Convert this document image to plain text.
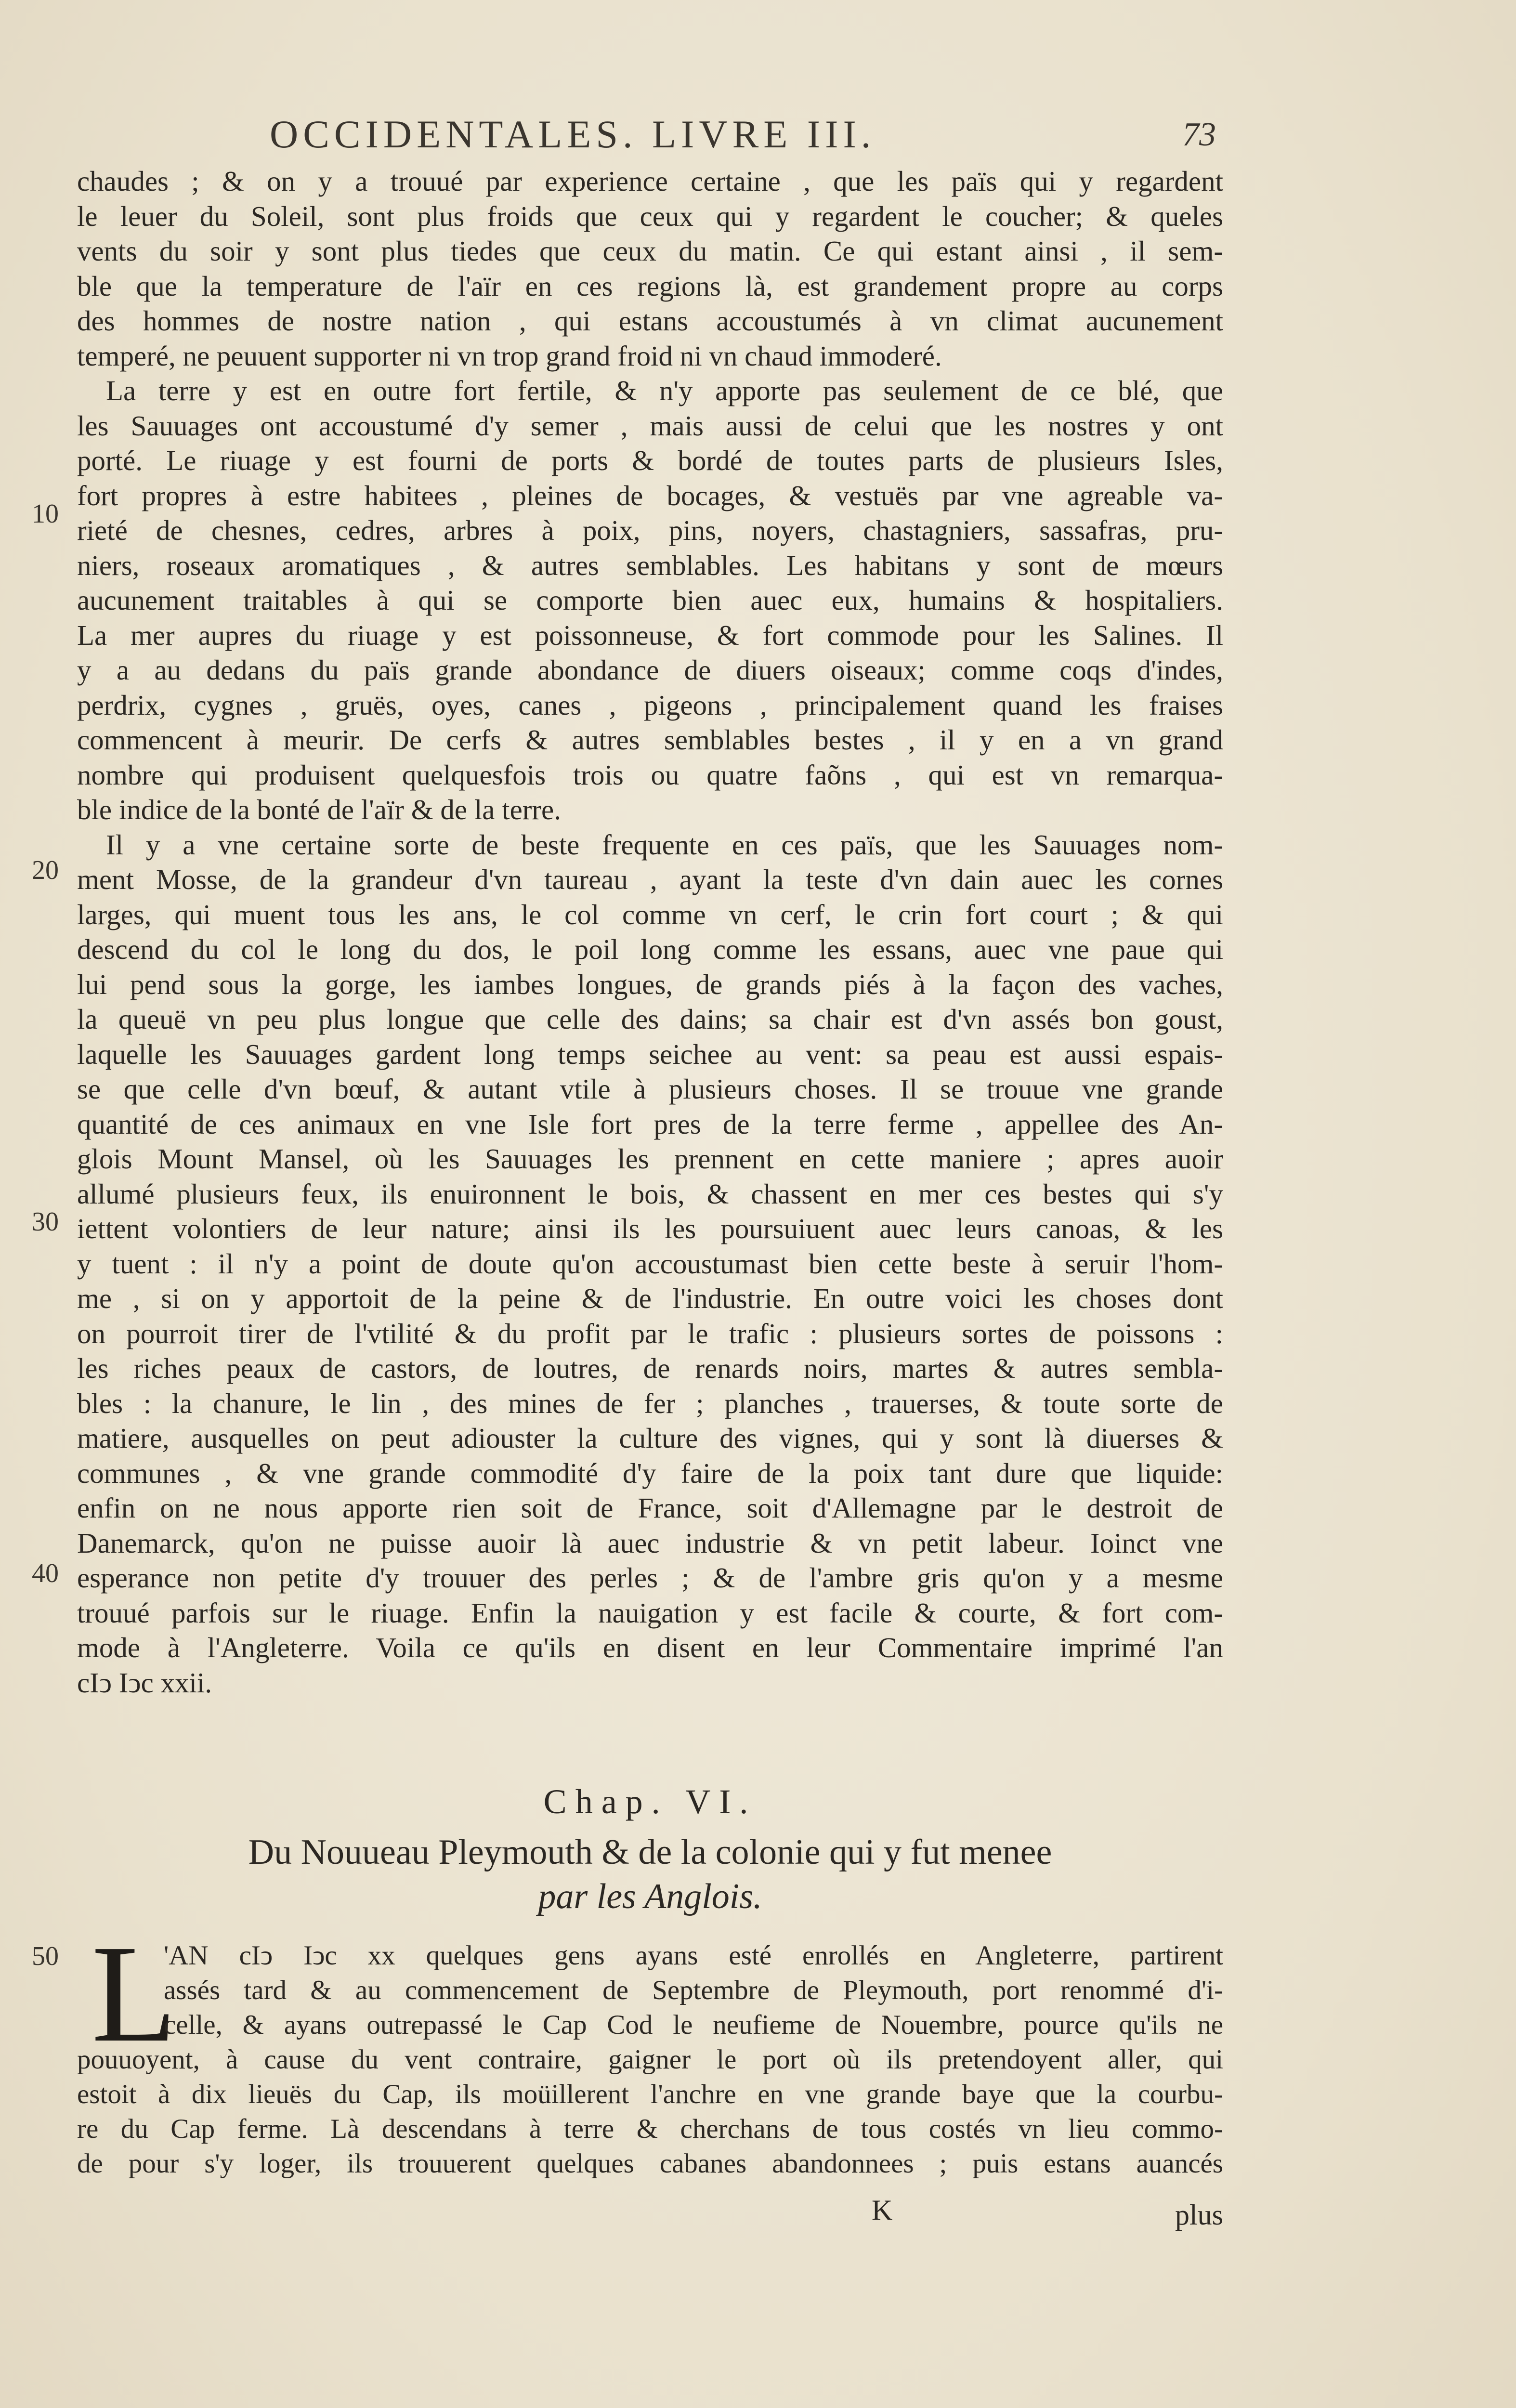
OCCIDENTALES. LIVRE III.	73
10
20
30
40
50
chaudes ; & on y a trouué par experience certaine , que les païs qui y regardent
le leuer du Soleil, sont plus froids que ceux qui y regardent le coucher; & queles
vents du soir y sont plus tiedes que ceux du matin. Ce qui estant ainsi , il sem-
ble que la temperature de l'aïr en ces regions là, est grandement propre au corps
des hommes de nostre nation , qui estans accoustumés à vn climat aucunement
temperé, ne peuuent supporter ni vn trop grand froid ni vn chaud immoderé.
La terre y est en outre fort fertile, & n'y apporte pas seulement de ce blé, que
les Sauuages ont accoustumé d'y semer , mais aussi de celui que les nostres y ont
porté. Le riuage y est fourni de ports & bordé de toutes parts de plusieurs Isles,
fort propres à estre habitees , pleines de bocages, & vestuës par vne agreable va-
rieté de chesnes, cedres, arbres à poix, pins, noyers, chastagniers, sassafras, pru-
niers, roseaux aromatiques , & autres semblables. Les habitans y sont de mœurs
aucunement traitables à qui se comporte bien auec eux, humains & hospitaliers.
La mer aupres du riuage y est poissonneuse, & fort commode pour les Salines. Il
y a au dedans du païs grande abondance de diuers oiseaux; comme coqs d'indes,
perdrix, cygnes , gruës, oyes, canes , pigeons , principalement quand les fraises
commencent à meurir. De cerfs & autres semblables bestes , il y en a vn grand
nombre qui produisent quelquesfois trois ou quatre faõns , qui est vn remarqua-
ble indice de la bonté de l'aïr & de la terre.
Il y a vne certaine sorte de beste frequente en ces païs, que les Sauuages nom-
ment Mosse, de la grandeur d'vn taureau , ayant la teste d'vn dain auec les cornes
larges, qui muent tous les ans, le col comme vn cerf, le crin fort court ; & qui
descend du col le long du dos, le poil long comme les essans, auec vne paue qui
lui pend sous la gorge, les iambes longues, de grands piés à la façon des vaches,
la queuë vn peu plus longue que celle des dains; sa chair est d'vn assés bon goust,
laquelle les Sauuages gardent long temps seichee au vent: sa peau est aussi espais-
se que celle d'vn bœuf, & autant vtile à plusieurs choses. Il se trouue vne grande
quantité de ces animaux en vne Isle fort pres de la terre ferme , appellee des An-
glois Mount Mansel, où les Sauuages les prennent en cette maniere ; apres auoir
allumé plusieurs feux, ils enuironnent le bois, & chassent en mer ces bestes qui s'y
iettent volontiers de leur nature; ainsi ils les poursuiuent auec leurs canoas, & les
y tuent : il n'y a point de doute qu'on accoustumast bien cette beste à seruir l'hom-
me , si on y apportoit de la peine & de l'industrie. En outre voici les choses dont
on pourroit tirer de l'vtilité & du profit par le trafic : plusieurs sortes de poissons :
les riches peaux de castors, de loutres, de renards noirs, martes & autres sembla-
bles : la chanure, le lin , des mines de fer ; planches , trauerses, & toute sorte de
matiere, ausquelles on peut adiouster la culture des vignes, qui y sont là diuerses &
communes , & vne grande commodité d'y faire de la poix tant dure que liquide:
enfin on ne nous apporte rien soit de France, soit d'Allemagne par le destroit de
Danemarck, qu'on ne puisse auoir là auec industrie & vn petit labeur. Ioinct vne
esperance non petite d'y trouuer des perles ; & de l'ambre gris qu'on y a mesme
trouué parfois sur le riuage. Enfin la nauigation y est facile & courte, & fort com-
mode à l'Angleterre. Voila ce qu'ils en disent en leur Commentaire imprimé l'an
cIↄ Iↄc xxii.
Chap. VI.
Du Nouueau Pleymouth & de la colonie qui y fut menee
par les Anglois.
L
'AN cIↄ Iↄc xx quelques gens ayans esté enrollés en Angleterre, partirent
assés tard & au commencement de Septembre de Pleymouth, port renommé d'i-
celle, & ayans outrepassé le Cap Cod le neufieme de Nouembre, pource qu'ils ne
pouuoyent, à cause du vent contraire, gaigner le port où ils pretendoyent aller, qui
estoit à dix lieuës du Cap, ils moüillerent l'anchre en vne grande baye que la courbu-
re du Cap ferme. Là descendans à terre & cherchans de tous costés vn lieu commo-
de pour s'y loger, ils trouuerent quelques cabanes abandonnees ; puis estans auancés
K	plus
